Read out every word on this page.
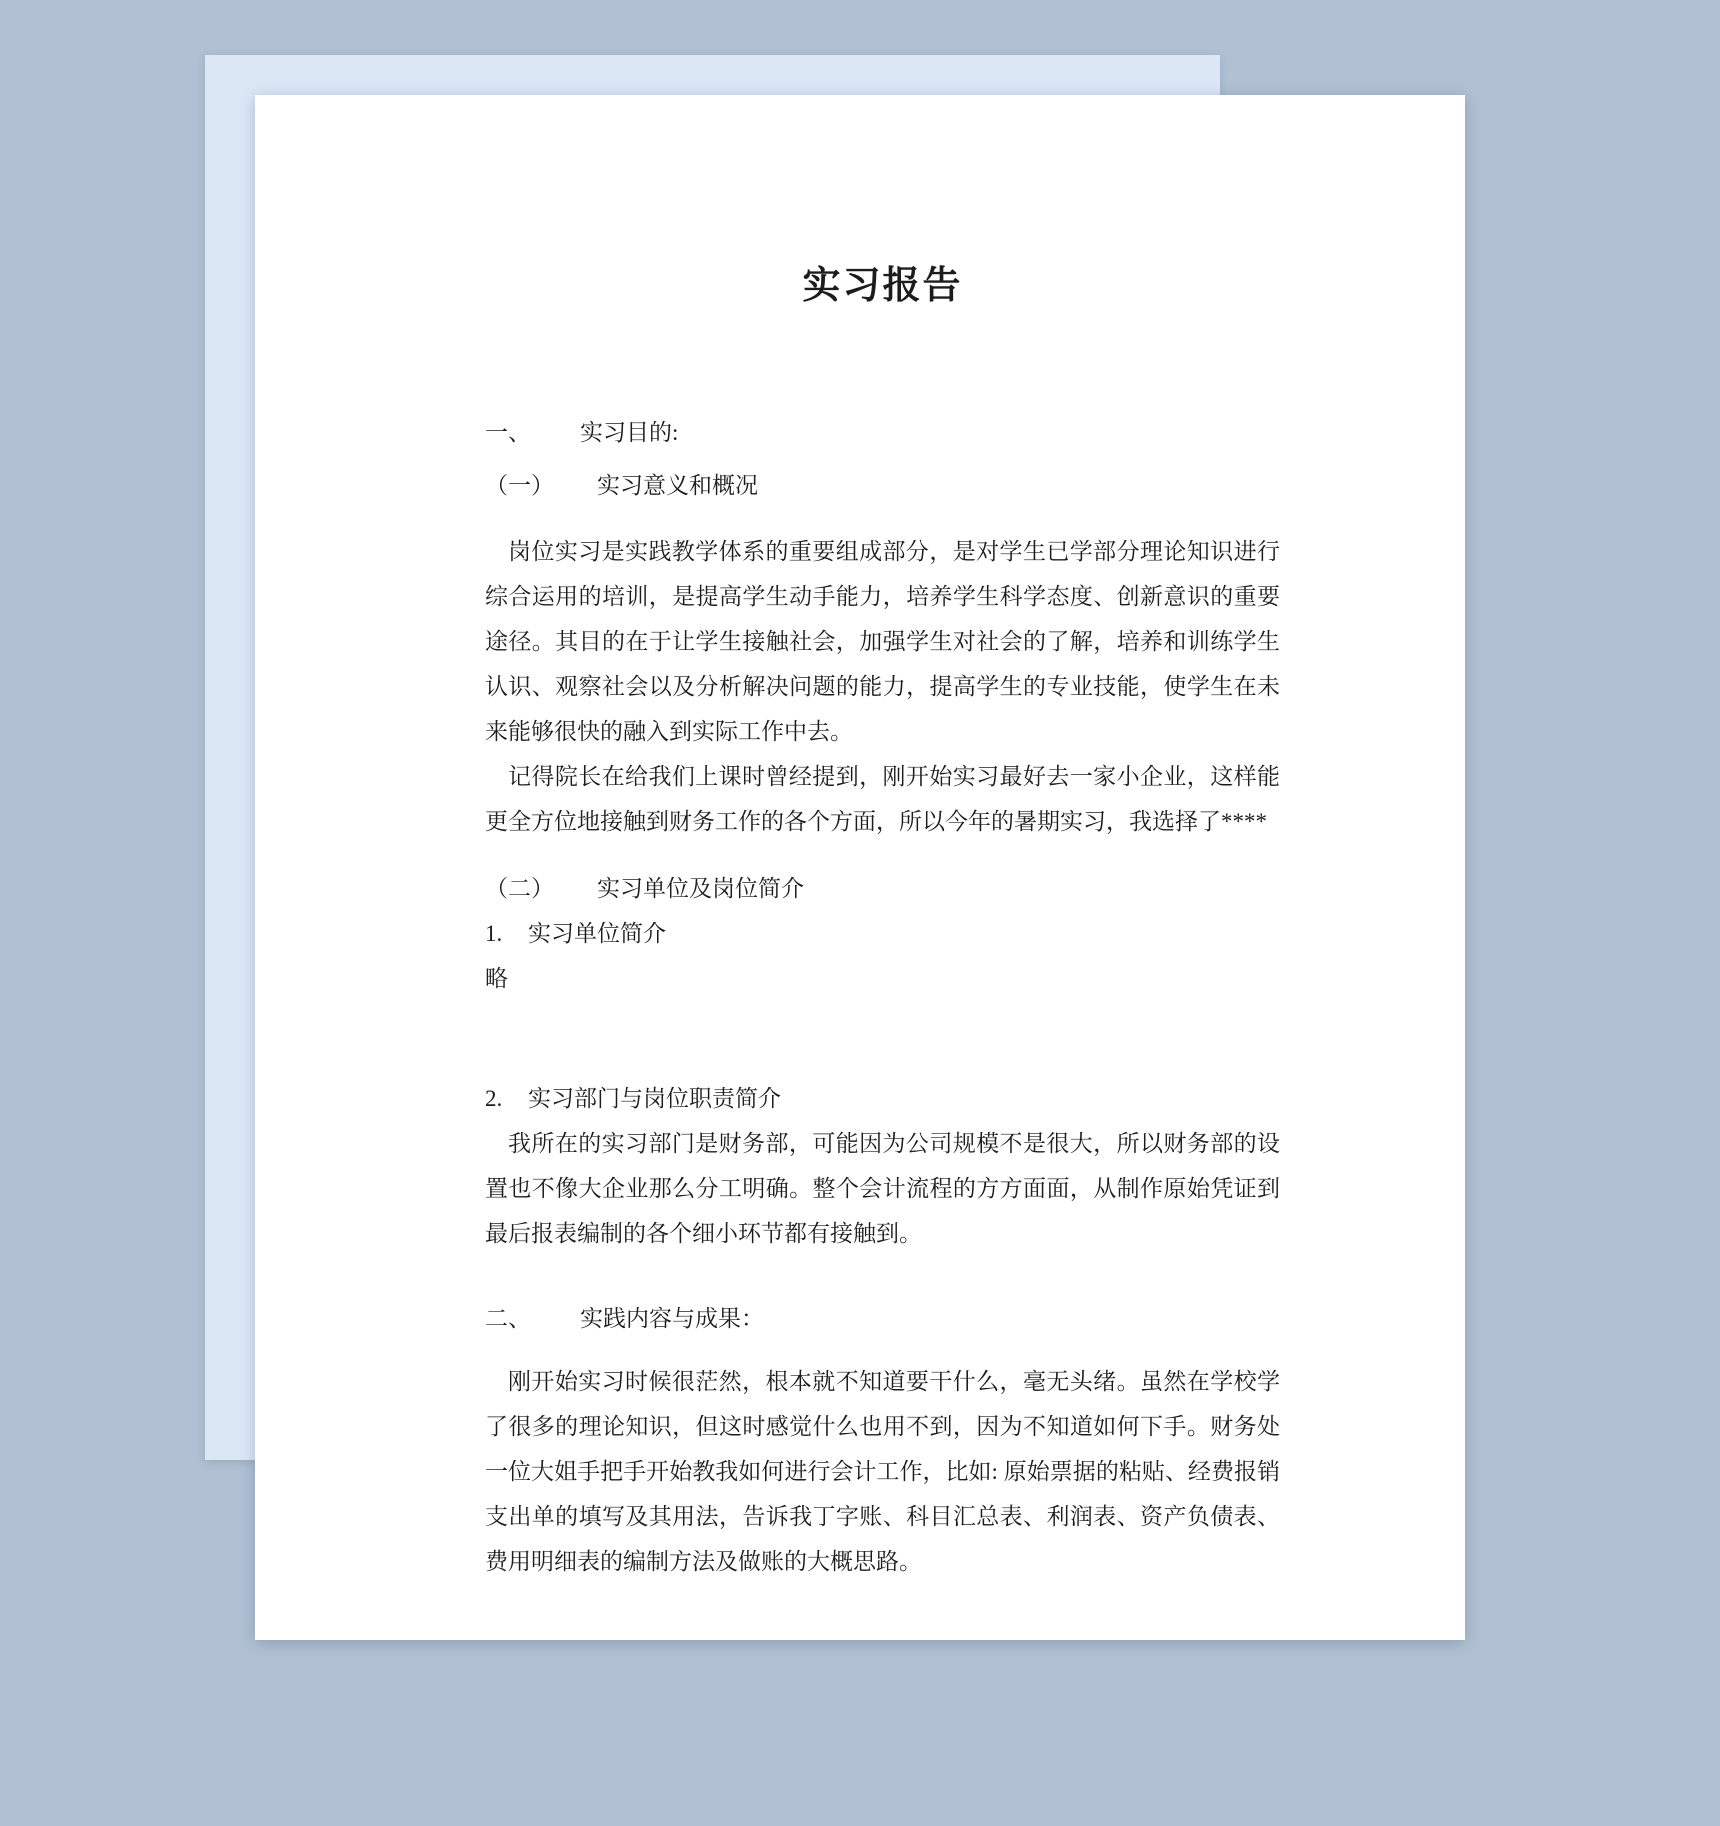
实习报告
一、 实习目的:
（一） 实习意义和概况

岗位实习是实践教学体系的重要组成部分，是对学生已学部分理论知识进行综合运用的培训，是提高学生动手能力，培养学生科学态度、创新意识的重要途径。其目的在于让学生接触社会，加强学生对社会的了解，培养和训练学生认识、观察社会以及分析解决问题的能力，提高学生的专业技能，使学生在未来能够很快的融入到实际工作中去。

记得院长在给我们上课时曾经提到，刚开始实习最好去一家小企业，这样能更全方位地接触到财务工作的各个方面，所以今年的暑期实习，我选择了****

（二） 实习单位及岗位简介
1. 实习单位简介

略

2. 实习部门与岗位职责简介

我所在的实习部门是财务部，可能因为公司规模不是很大，所以财务部的设置也不像大企业那么分工明确。整个会计流程的方方面面，从制作原始凭证到最后报表编制的各个细小环节都有接触到。

二、 实践内容与成果：

刚开始实习时候很茫然，根本就不知道要干什么，毫无头绪。虽然在学校学了很多的理论知识，但这时感觉什么也用不到，因为不知道如何下手。财务处一位大姐手把手开始教我如何进行会计工作，比如: 原始票据的粘贴、经费报销支出单的填写及其用法，告诉我丁字账、科目汇总表、利润表、资产负债表、费用明细表的编制方法及做账的大概思路。
